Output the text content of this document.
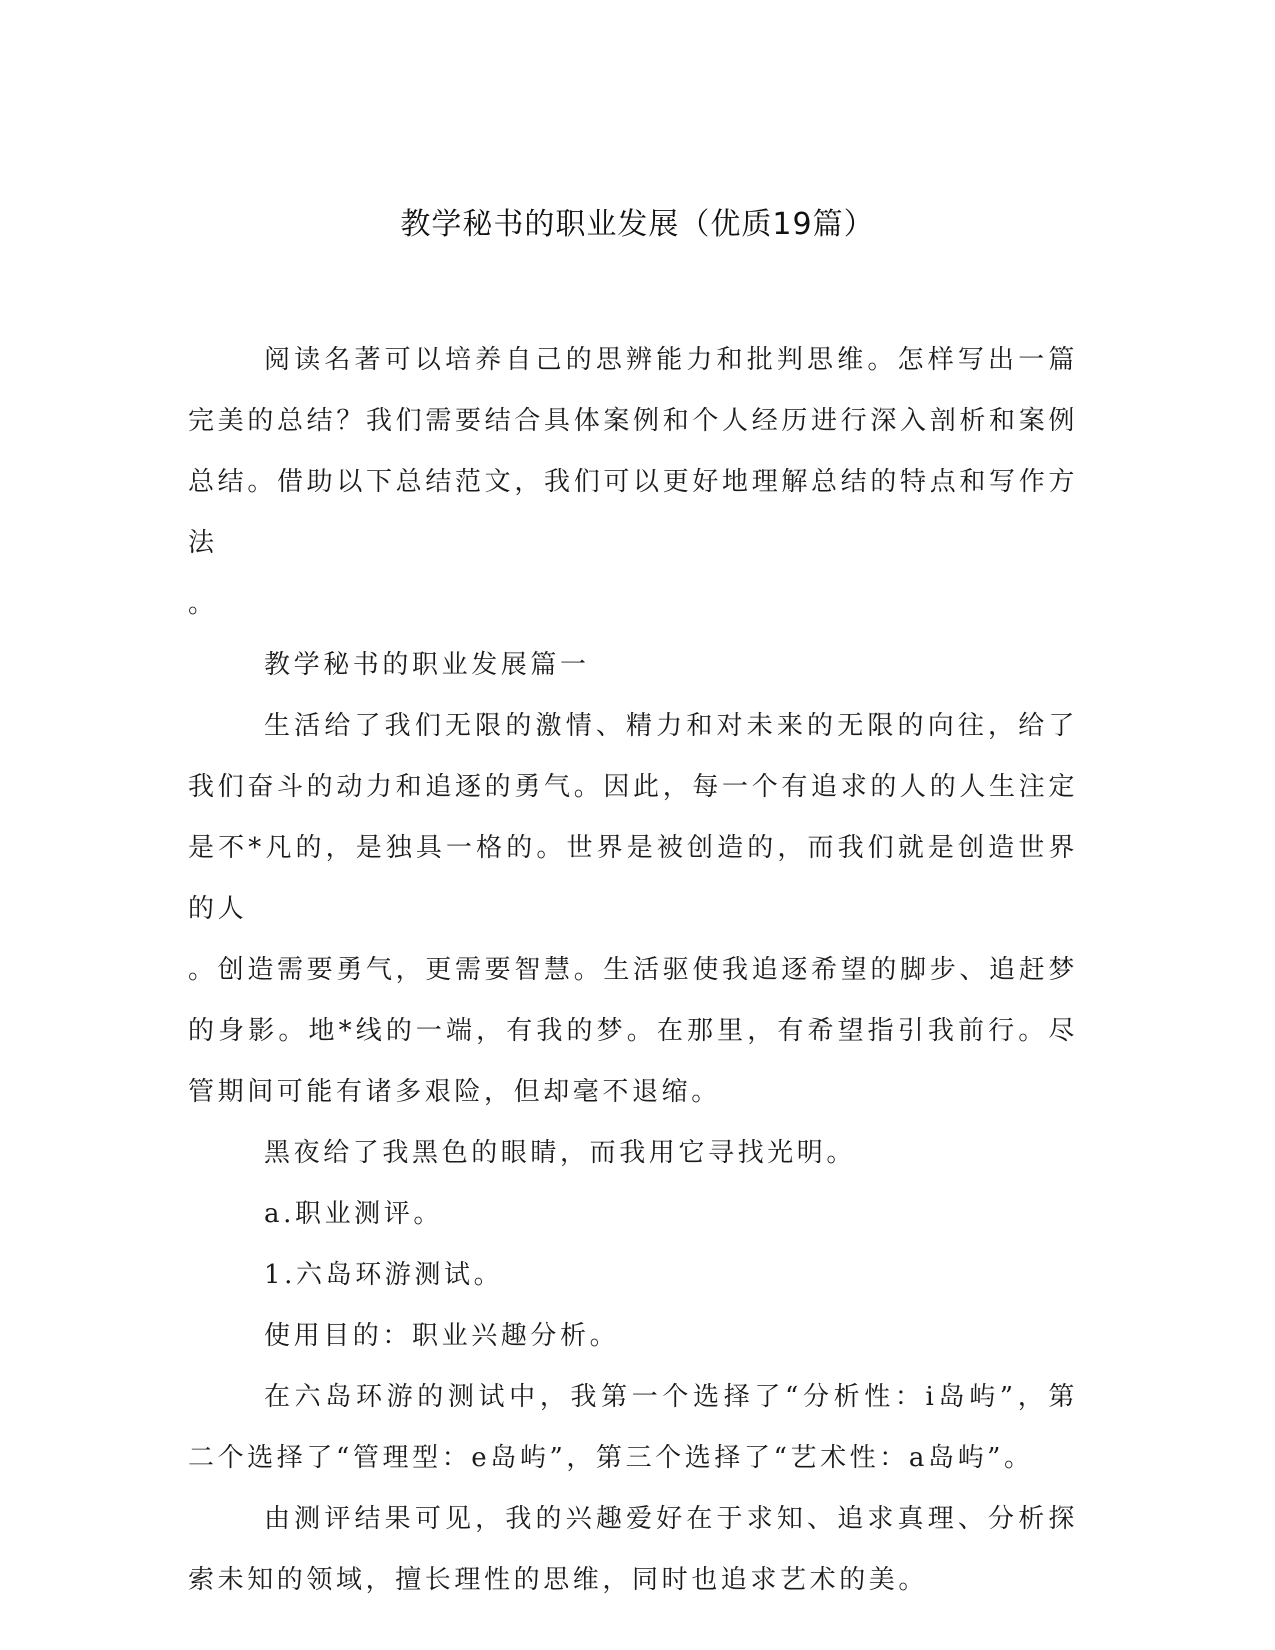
教学秘书的职业发展（优质19篇）

阅读名著可以培养自己的思辨能力和批判思维。怎样写出一篇完美的总结？我们需要结合具体案例和个人经历进行深入剖析和案例总结。借助以下总结范文，我们可以更好地理解总结的特点和写作方法

。

教学秘书的职业发展篇一

生活给了我们无限的激情、精力和对未来的无限的向往，给了我们奋斗的动力和追逐的勇气。因此，每一个有追求的人的人生注定是不*凡的，是独具一格的。世界是被创造的，而我们就是创造世界的人

。创造需要勇气，更需要智慧。生活驱使我追逐希望的脚步、追赶梦的身影。地*线的一端，有我的梦。在那里，有希望指引我前行。尽管期间可能有诸多艰险，但却毫不退缩。

黑夜给了我黑色的眼睛，而我用它寻找光明。

a.职业测评。

1.六岛环游测试。

使用目的：职业兴趣分析。

在六岛环游的测试中，我第一个选择了“分析性：i岛屿”，第二个选择了“管理型：e岛屿”，第三个选择了“艺术性：a岛屿”。

由测评结果可见，我的兴趣爱好在于求知、追求真理、分析探索未知的领域，擅长理性的思维，同时也追求艺术的美。
